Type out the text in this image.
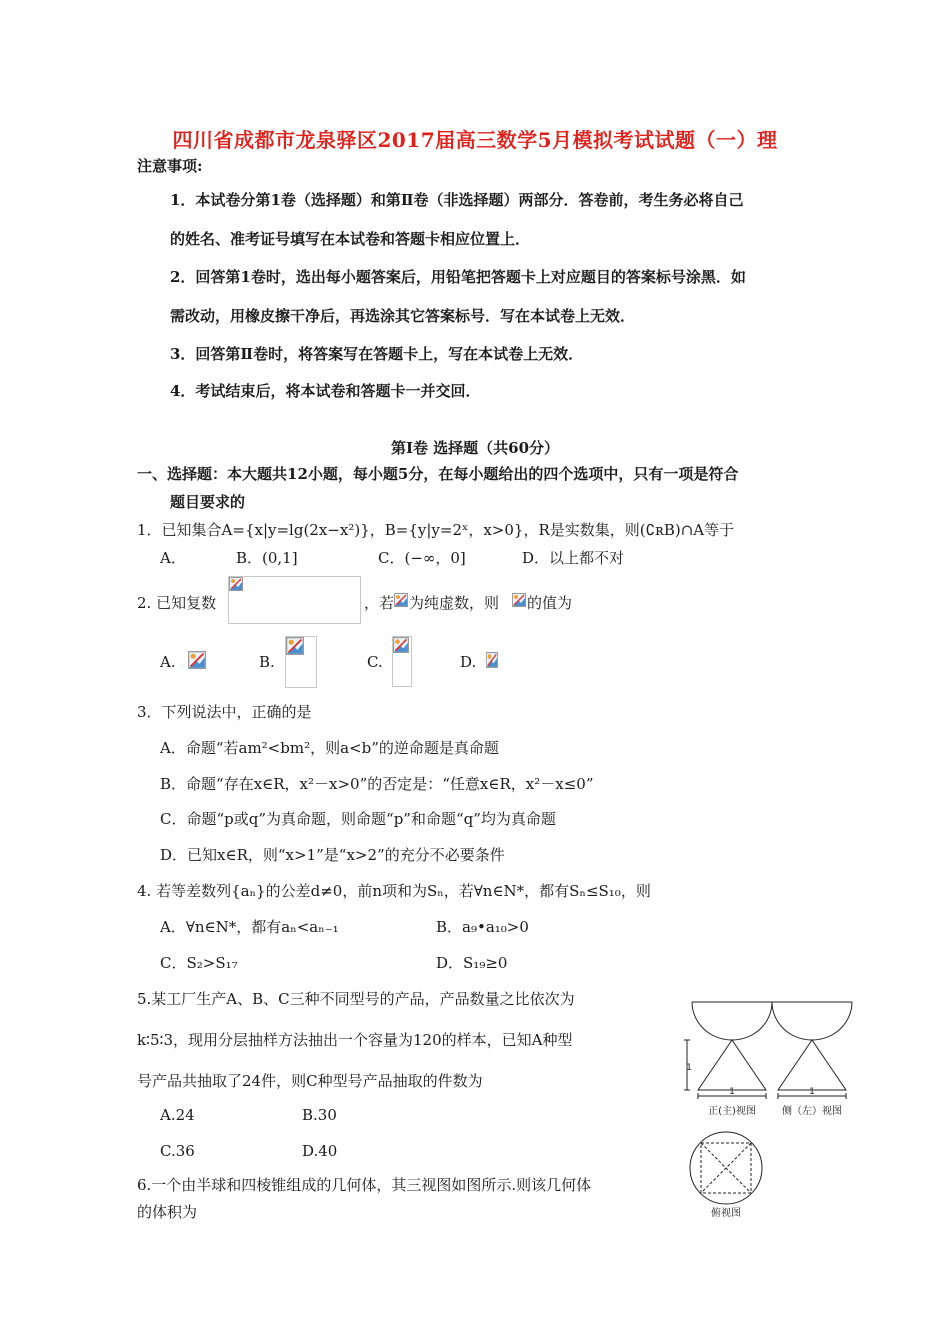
四川省成都市龙泉驿区2017届高三数学5月模拟考试试题（一）理
注意事项:
1．本试卷分第1卷（选择题）和第Ⅱ卷（非选择题）两部分．答卷前，考生务必将自己
的姓名、准考证号填写在本试卷和答题卡相应位置上．
2．回答第1卷时，选出每小题答案后，用铅笔把答题卡上对应题目的答案标号涂黑．如
需改动，用橡皮擦干净后，再选涂其它答案标号．写在本试卷上无效．
3．回答第Ⅱ卷时，将答案写在答题卡上，写在本试卷上无效．
4．考试结束后，将本试卷和答题卡一并交回．
第Ⅰ卷 选择题（共60分）
一、选择题：本大题共12小题，每小题5分，在每小题给出的四个选项中，只有一项是符合
题目要求的
1．已知集合A={x|y=lg(2x−x²)}，B={y|y=2ˣ，x>0}，R是实数集，则(∁ʀB)∩A等于
A．	B．(0,1]	C．(−∞，0]	D．以上都不对
2. 已知复数	，若 为纯虚数，则 的值为
A.	B.	C.	D.
3．下列说法中，正确的是
A．命题“若am²<bm²，则a<b”的逆命题是真命题
B．命题“存在x∈R，x²－x>0”的否定是：“任意x∈R，x²－x≤0”
C．命题“p或q”为真命题，则命题“p”和命题“q”均为真命题
D．已知x∈R，则“x>1”是“x>2”的充分不必要条件
4. 若等差数列{aₙ}的公差d≠0，前n项和为Sₙ，若∀n∈N*，都有Sₙ≤S₁₀，则
A．∀n∈N*，都有aₙ<aₙ₋₁	B．a₉•a₁₀>0
C．S₂>S₁₇	D．S₁₉≥0
5.某工厂生产A、B、C三种不同型号的产品，产品数量之比依次为
k∶5∶3，现用分层抽样方法抽出一个容量为120的样本，已知A种型
号产品共抽取了24件，则C种型号产品抽取的件数为
A.24	B.30
C.36	D.40
6.一个由半球和四棱锥组成的几何体，其三视图如图所示.则该几何体
的体积为
1
1
正(主)视图
1
侧（左）视图
俯视图
